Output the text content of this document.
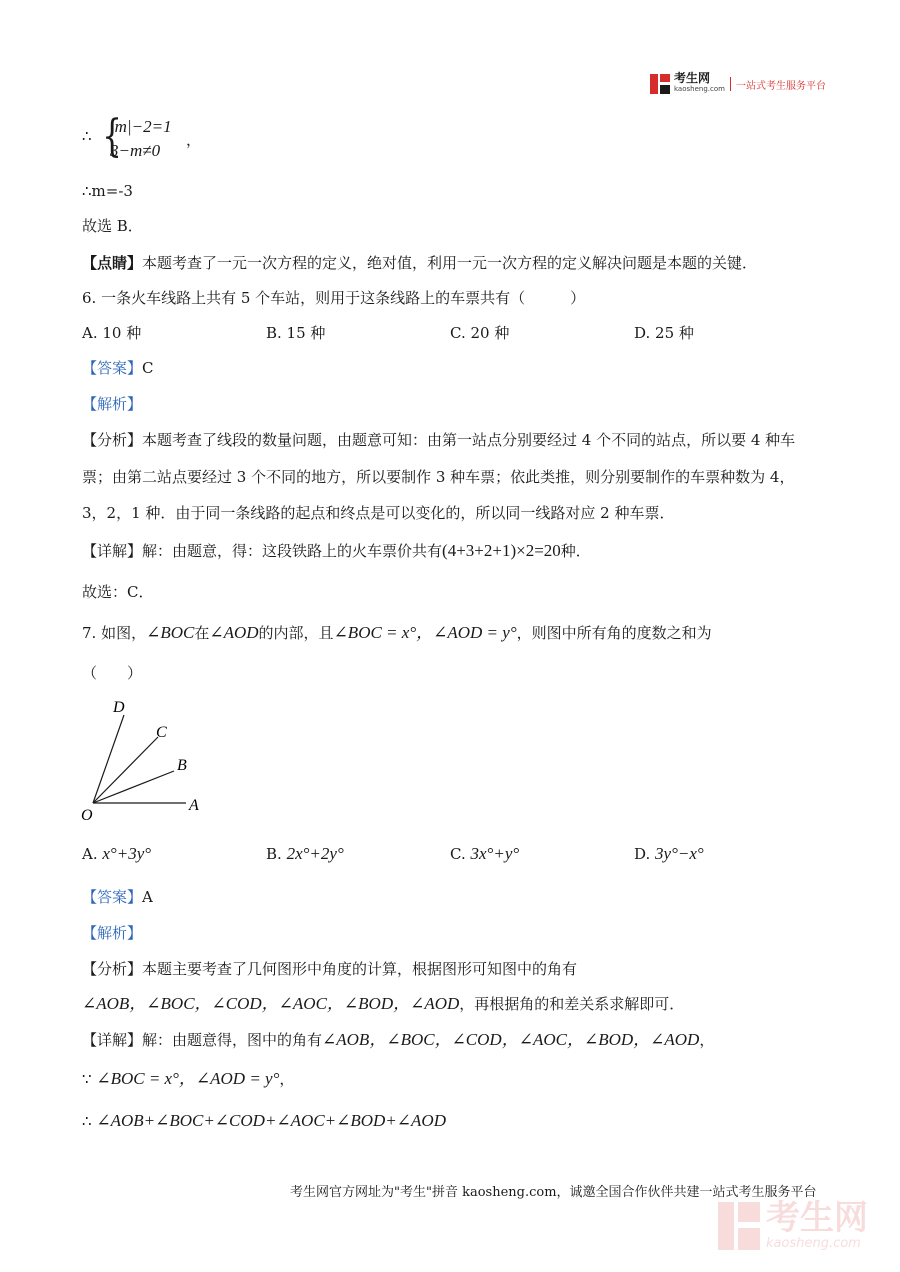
考生网
kaosheng.com 一站式考生服务平台
∴ {
|m|−2=1
3−m≠0
，
∴m=-3
故选 B．
【点睛】本题考查了一元一次方程的定义，绝对值，利用一元一次方程的定义解决问题是本题的关键．
6. 一条火车线路上共有 5 个车站，则用于这条线路上的车票共有（　　　）
A. 10 种	B. 15 种	C. 20 种	D. 25 种
【答案】C
【解析】
【分析】本题考查了线段的数量问题，由题意可知：由第一站点分别要经过 4 个不同的站点，所以要 4 种车
票；由第二站点要经过 3 个不同的地方，所以要制作 3 种车票；依此类推，则分别要制作的车票种数为 4，
3，2，1 种．由于同一条线路的起点和终点是可以变化的，所以同一线路对应 2 种车票．
【详解】解：由题意，得：这段铁路上的火车票价共有(4+3+2+1)×2=20种．
故选：C．
7. 如图，∠BOC在∠AOD的内部，且∠BOC = x°，∠AOD = y°，则图中所有角的度数之和为
（　　）
D
C
B
A
O
A. x°+3y°	B. 2x°+2y°	C. 3x°+y°	D. 3y°−x°
【答案】A
【解析】
【分析】本题主要考查了几何图形中角度的计算，根据图形可知图中的角有
∠AOB，∠BOC，∠COD，∠AOC，∠BOD，∠AOD，再根据角的和差关系求解即可．
【详解】解：由题意得，图中的角有∠AOB，∠BOC，∠COD，∠AOC，∠BOD，∠AOD，
∵ ∠BOC = x°，∠AOD = y°，
∴ ∠AOB+∠BOC+∠COD+∠AOC+∠BOD+∠AOD
考生网官方网址为"考生"拼音 kaosheng.com，诚邀全国合作伙伴共建一站式考生服务平台
考生网
kaosheng.com
